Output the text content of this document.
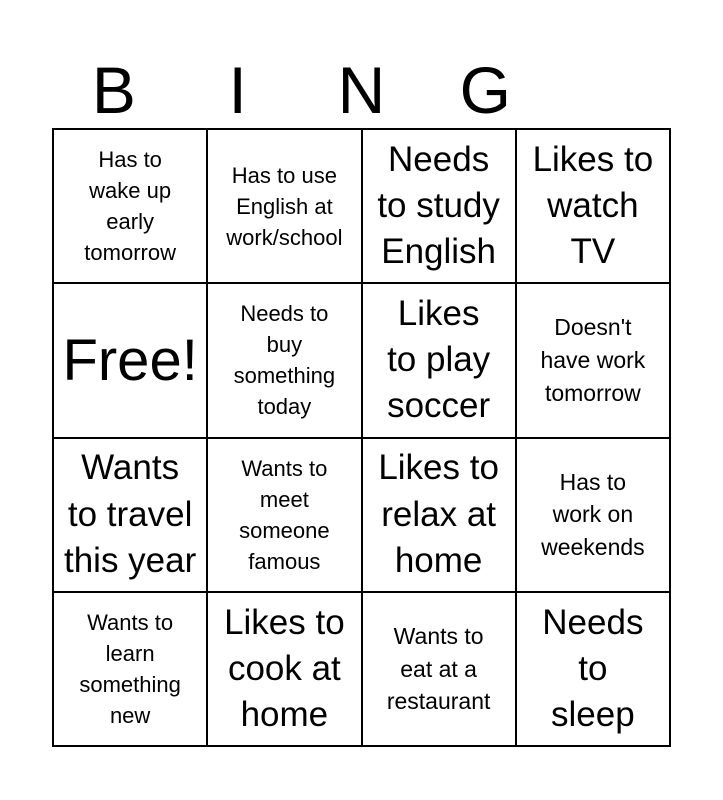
B	I	N	G
Has to
wake up
early
tomorrow
Has to use
English at
work/school
Needs
to study
English
Likes to
watch
TV
Free!
Needs to
buy
something
today
Likes
to play
soccer
Doesn't
have work
tomorrow
Wants
to travel
this year
Wants to
meet
someone
famous
Likes to
relax at
home
Has to
work on
weekends
Wants to
learn
something
new
Likes to
cook at
home
Wants to
eat at a
restaurant
Needs
to
sleep
